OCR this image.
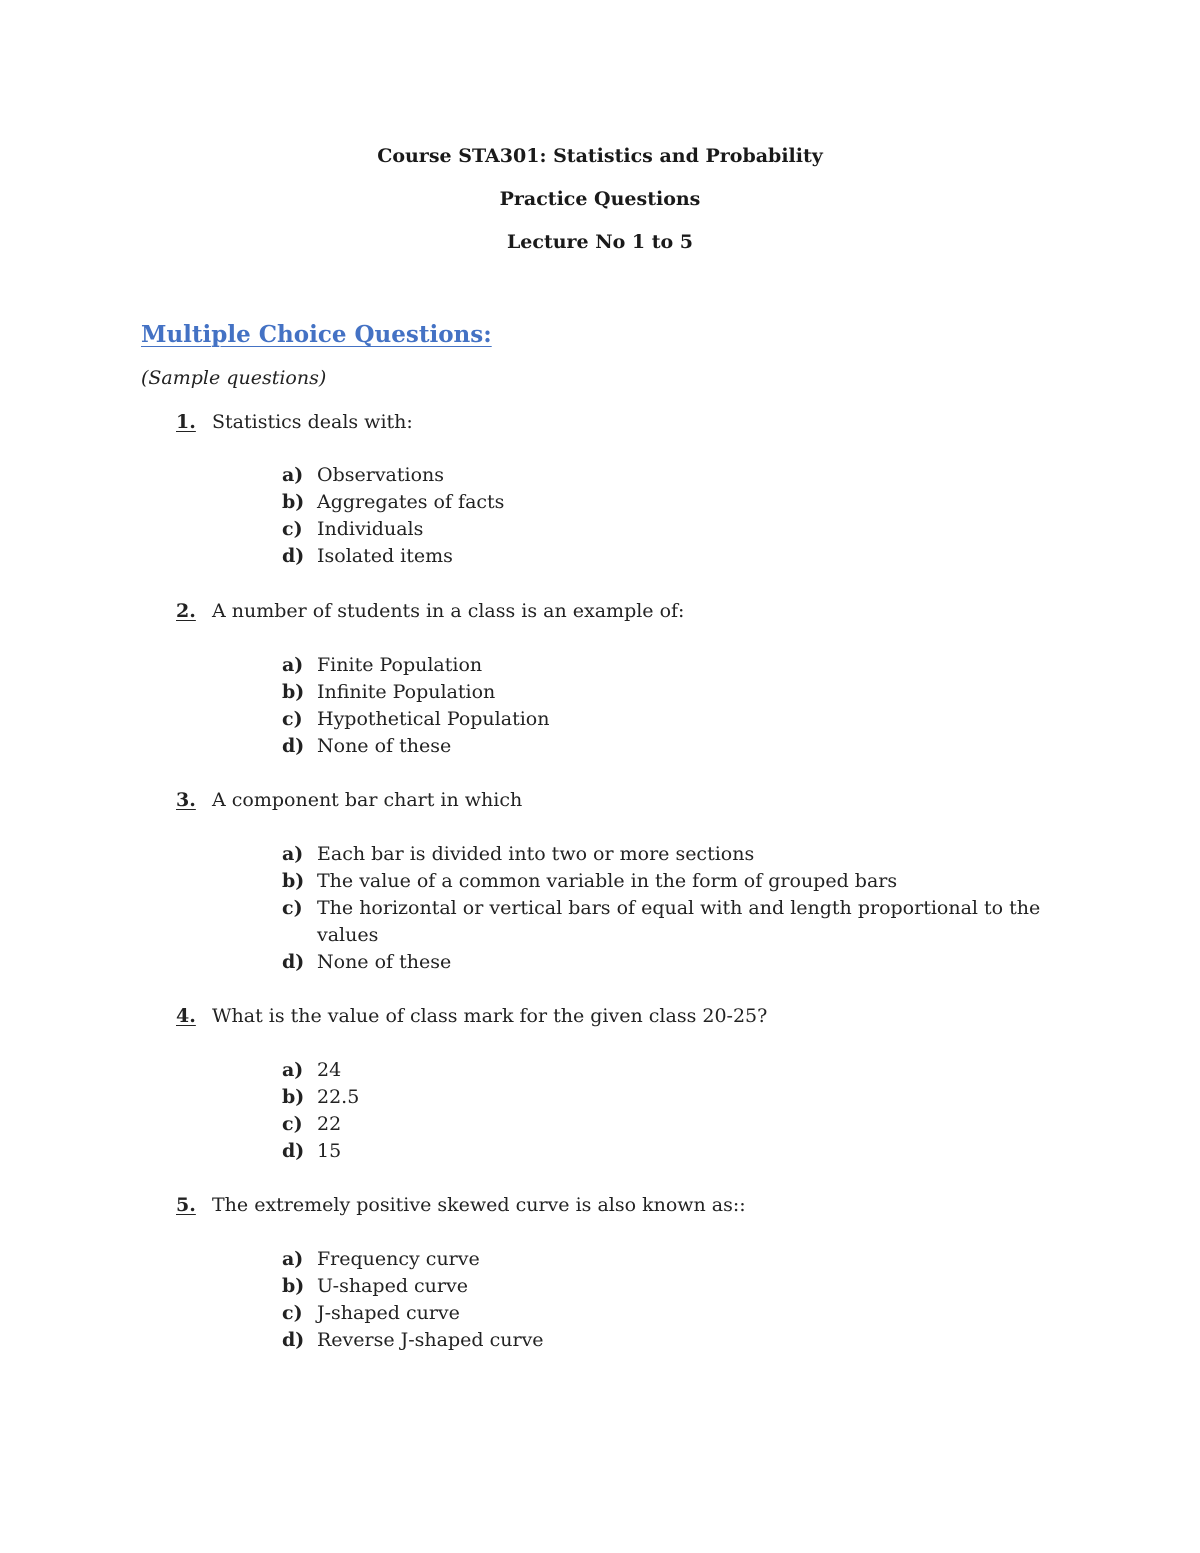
Course STA301: Statistics and Probability
Practice Questions
Lecture No 1 to 5
Multiple Choice Questions:
(Sample questions)
1. Statistics deals with:
a) Observations
b) Aggregates of facts
c) Individuals
d) Isolated items
2. A number of students in a class is an example of:
a) Finite Population
b) Infinite Population
c) Hypothetical Population
d) None of these
3. A component bar chart in which
a) Each bar is divided into two or more sections
b) The value of a common variable in the form of grouped bars
c) The horizontal or vertical bars of equal with and length proportional to the values
d) None of these
4. What is the value of class mark for the given class 20-25?
a) 24
b) 22.5
c) 22
d) 15
5. The extremely positive skewed curve is also known as::
a) Frequency curve
b) U-shaped curve
c) J-shaped curve
d) Reverse J-shaped curve
